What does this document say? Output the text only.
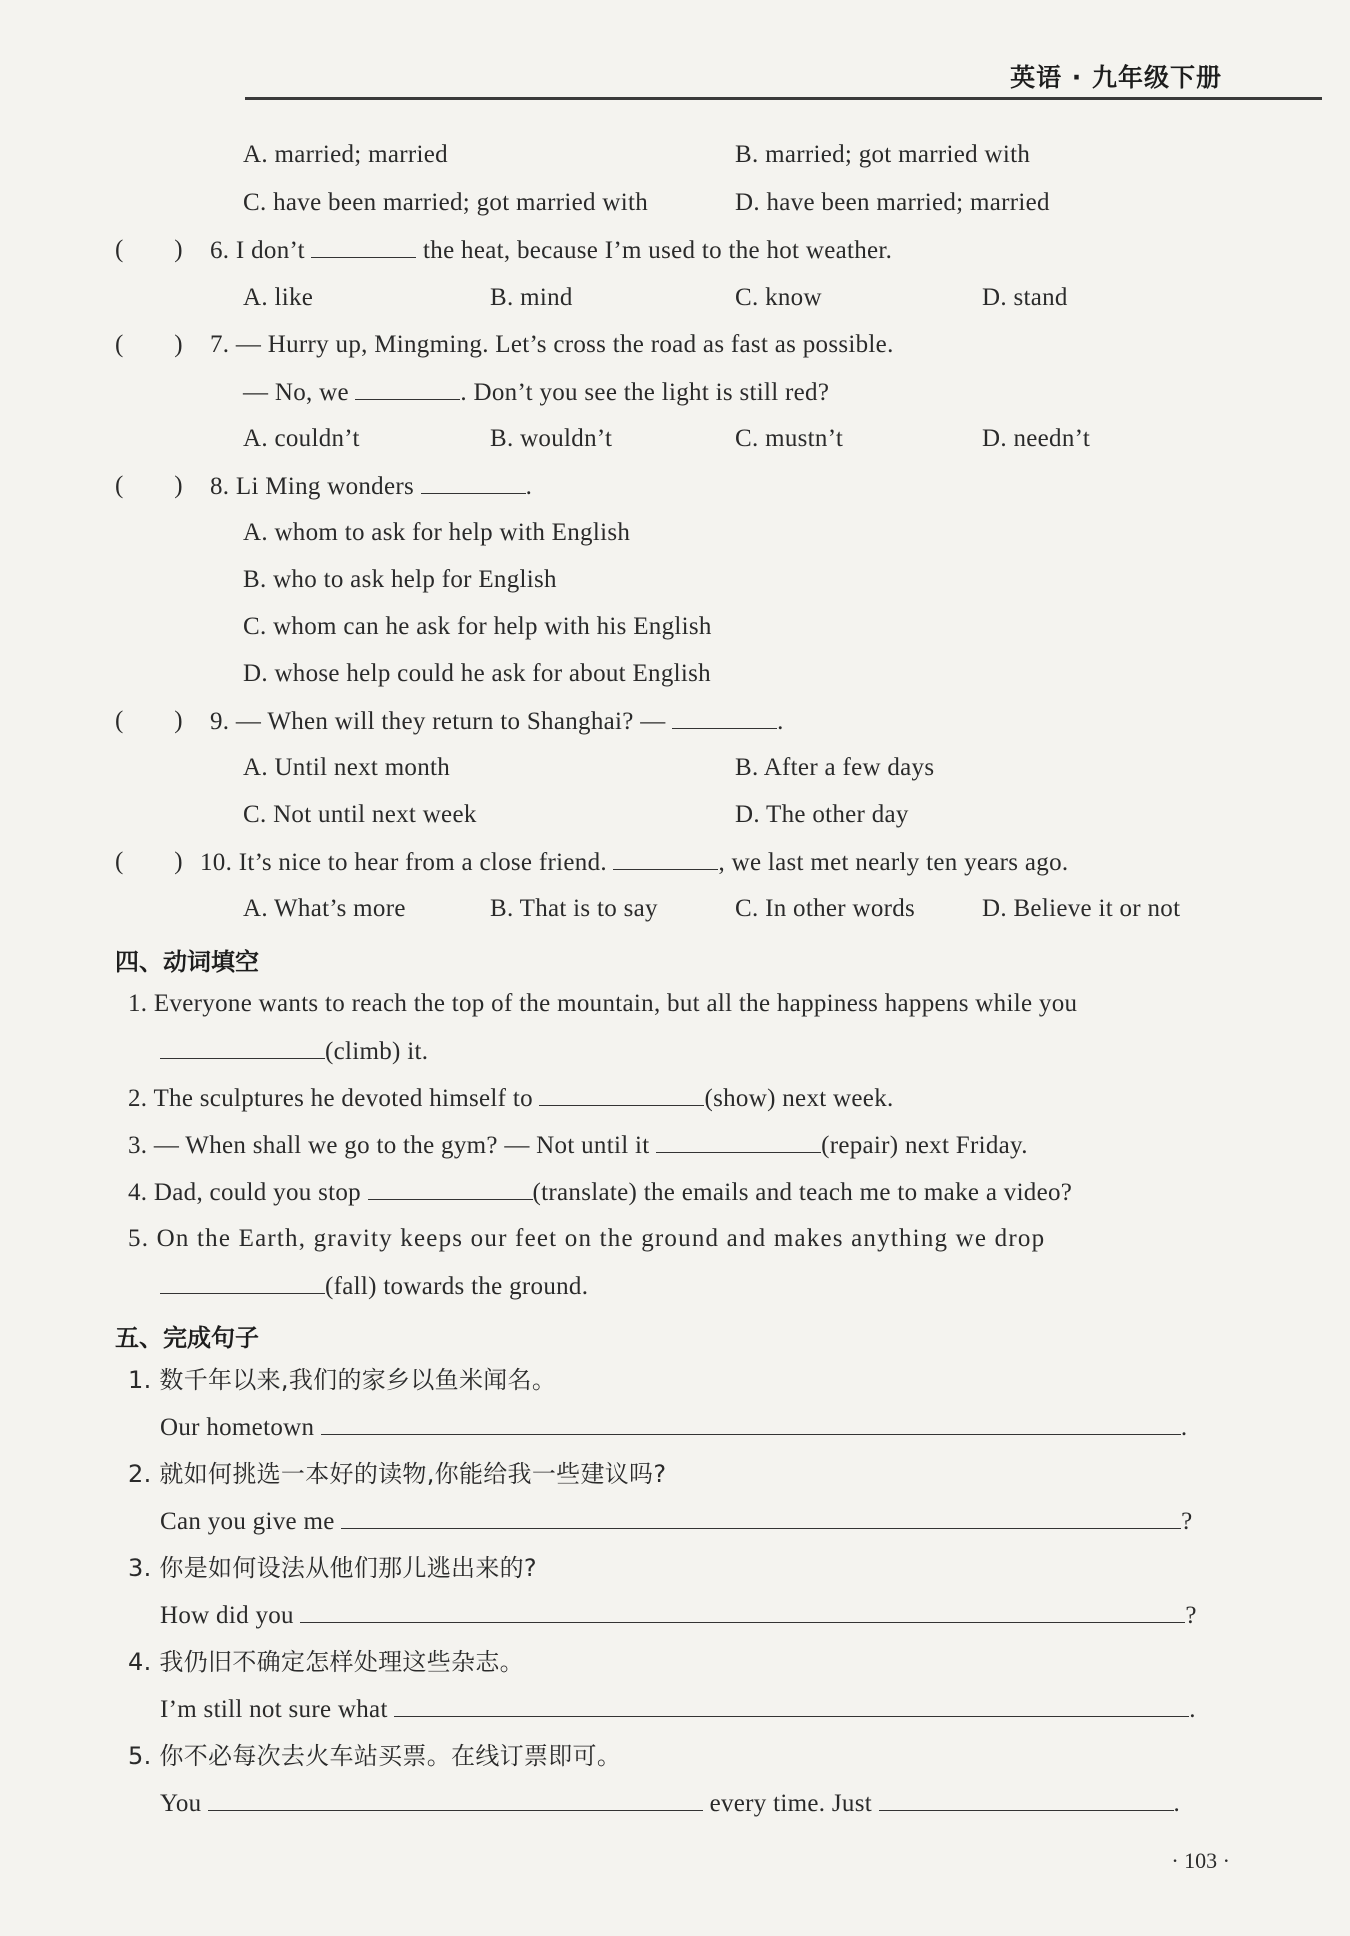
英语 · 九年级下册
A. married; married	B. married; got married with
C. have been married; got married with	D. have been married; married
(　　) 6. I don’t	the heat, because I’m used to the hot weather.
A. like	B. mind	C. know	D. stand
(　　) 7. — Hurry up, Mingming. Let’s cross the road as fast as possible.
— No, we	. Don’t you see the light is still red?
A. couldn’t	B. wouldn’t	C. mustn’t	D. needn’t
(　　) 8. Li Ming wonders	.
A. whom to ask for help with English
B. who to ask help for English
C. whom can he ask for help with his English
D. whose help could he ask for about English
(　　) 9. — When will they return to Shanghai? —	.
A. Until next month	B. After a few days
C. Not until next week	D. The other day
(　　) 10. It’s nice to hear from a close friend.	, we last met nearly ten years ago.
A. What’s more	B. That is to say	C. In other words	D. Believe it or not
四、动词填空
1. Everyone wants to reach the top of the mountain, but all the happiness happens while you
(climb) it.
2. The sculptures he devoted himself to	(show) next week.
3. — When shall we go to the gym? — Not until it	(repair) next Friday.
4. Dad, could you stop	(translate) the emails and teach me to make a video?
5. On the Earth, gravity keeps our feet on the ground and makes anything we drop
(fall) towards the ground.
五、完成句子
1. 数千年以来,我们的家乡以鱼米闻名。
Our hometown	.
2. 就如何挑选一本好的读物,你能给我一些建议吗?
Can you give me	?
3. 你是如何设法从他们那儿逃出来的?
How did you	?
4. 我仍旧不确定怎样处理这些杂志。
I’m still not sure what	.
5. 你不必每次去火车站买票。在线订票即可。
You	every time. Just	.
· 103 ·
